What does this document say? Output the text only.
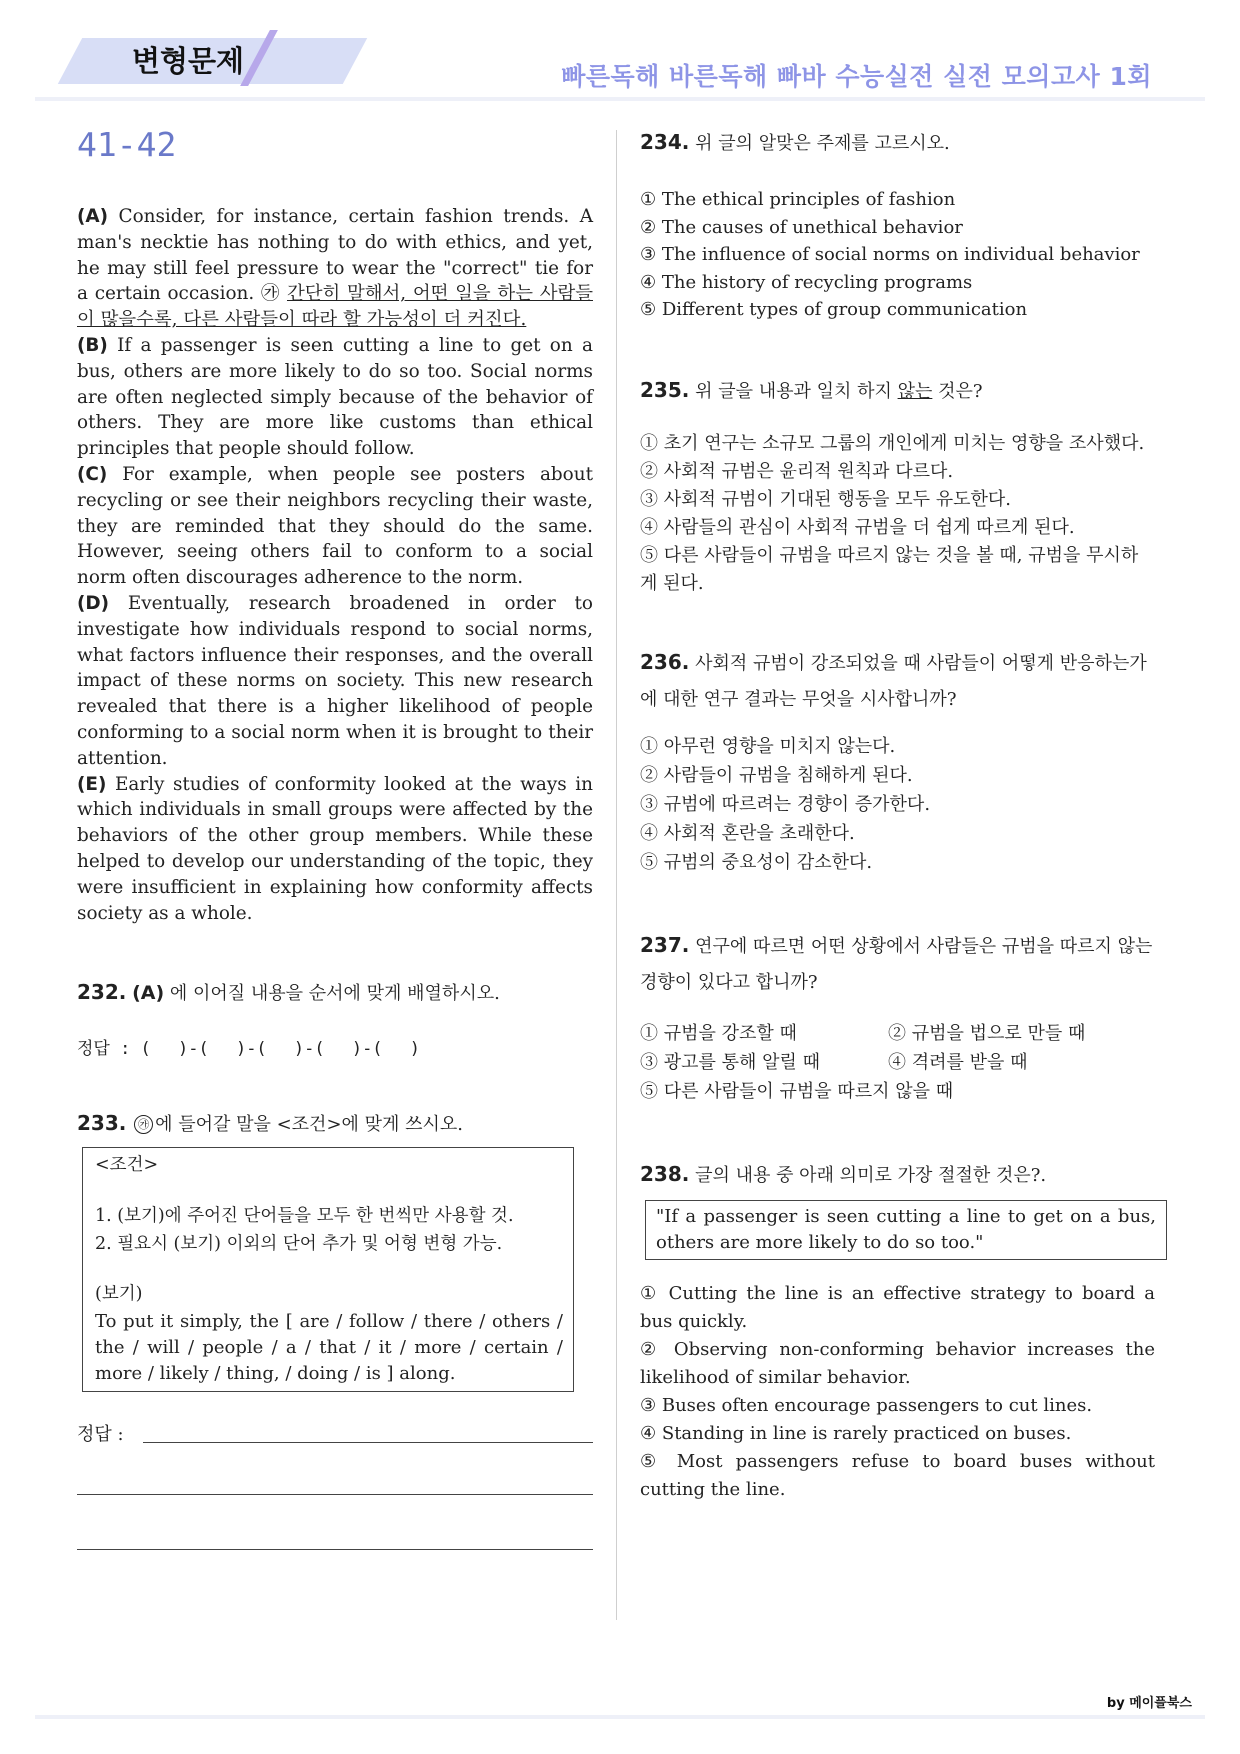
변형문제	빠른독해 바른독해 빠바 수능실전 실전 모의고사 1회
41-42

(A) Consider, for instance, certain fashion trends. A man's necktie has nothing to do with ethics, and yet, he may still feel pressure to wear the "correct" tie for a certain occasion. ㉮ 간단히 말해서, 어떤 일을 하는 사람들이 많을수록, 다른 사람들이 따라 할 가능성이 더 커진다.

(B) If a passenger is seen cutting a line to get on a bus, others are more likely to do so too. Social norms are often neglected simply because of the behavior of others. They are more like customs than ethical principles that people should follow.

(C) For example, when people see posters about recycling or see their neighbors recycling their waste, they are reminded that they should do the same. However, seeing others fail to conform to a social norm often discourages adherence to the norm.

(D) Eventually, research broadened in order to investigate how individuals respond to social norms, what factors influence their responses, and the overall impact of these norms on society. This new research revealed that there is a higher likelihood of people conforming to a social norm when it is brought to their attention.

(E) Early studies of conformity looked at the ways in which individuals in small groups were affected by the behaviors of the other group members. While these helped to develop our understanding of the topic, they were insufficient in explaining how conformity affects society as a whole.

232. (A) 에 이어질 내용을 순서에 맞게 배열하시오.
정답 : (　 )-(　 )-(　 )-(　 )-(　 )
233. ㉮ 에 들어갈 말을 <조건>에 맞게 쓰시오.
<조건>
1. (보기)에 주어진 단어들을 모두 한 번씩만 사용할 것.
2. 필요시 (보기) 이외의 단어 추가 및 어형 변형 가능.
(보기)
To put it simply, the [ are / follow / there / others / the / will / people / a / that / it / more / certain / more / likely / thing, / doing / is ] along.
정답 :
234. 위 글의 알맞은 주제를 고르시오.
① The ethical principles of fashion
② The causes of unethical behavior
③ The influence of social norms on individual behavior
④ The history of recycling programs
⑤ Different types of group communication
235. 위 글을 내용과 일치 하지 않는 것은?
① 초기 연구는 소규모 그룹의 개인에게 미치는 영향을 조사했다.
② 사회적 규범은 윤리적 원칙과 다르다.
③ 사회적 규범이 기대된 행동을 모두 유도한다.
④ 사람들의 관심이 사회적 규범을 더 쉽게 따르게 된다.
⑤ 다른 사람들이 규범을 따르지 않는 것을 볼 때, 규범을 무시하게 된다.
236. 사회적 규범이 강조되었을 때 사람들이 어떻게 반응하는가에 대한 연구 결과는 무엇을 시사합니까?
① 아무런 영향을 미치지 않는다.
② 사람들이 규범을 침해하게 된다.
③ 규범에 따르려는 경향이 증가한다.
④ 사회적 혼란을 초래한다.
⑤ 규범의 중요성이 감소한다.
237. 연구에 따르면 어떤 상황에서 사람들은 규범을 따르지 않는 경향이 있다고 합니까?
① 규범을 강조할 때	② 규범을 법으로 만들 때
③ 광고를 통해 알릴 때	④ 격려를 받을 때
⑤ 다른 사람들이 규범을 따르지 않을 때
238. 글의 내용 중 아래 의미로 가장 절절한 것은?.
"If a passenger is seen cutting a line to get on a bus, others are more likely to do so too."
① Cutting the line is an effective strategy to board a bus quickly.
② Observing non-conforming behavior increases the likelihood of similar behavior.
③ Buses often encourage passengers to cut lines.
④ Standing in line is rarely practiced on buses.
⑤ Most passengers refuse to board buses without cutting the line.
by 메이플북스
